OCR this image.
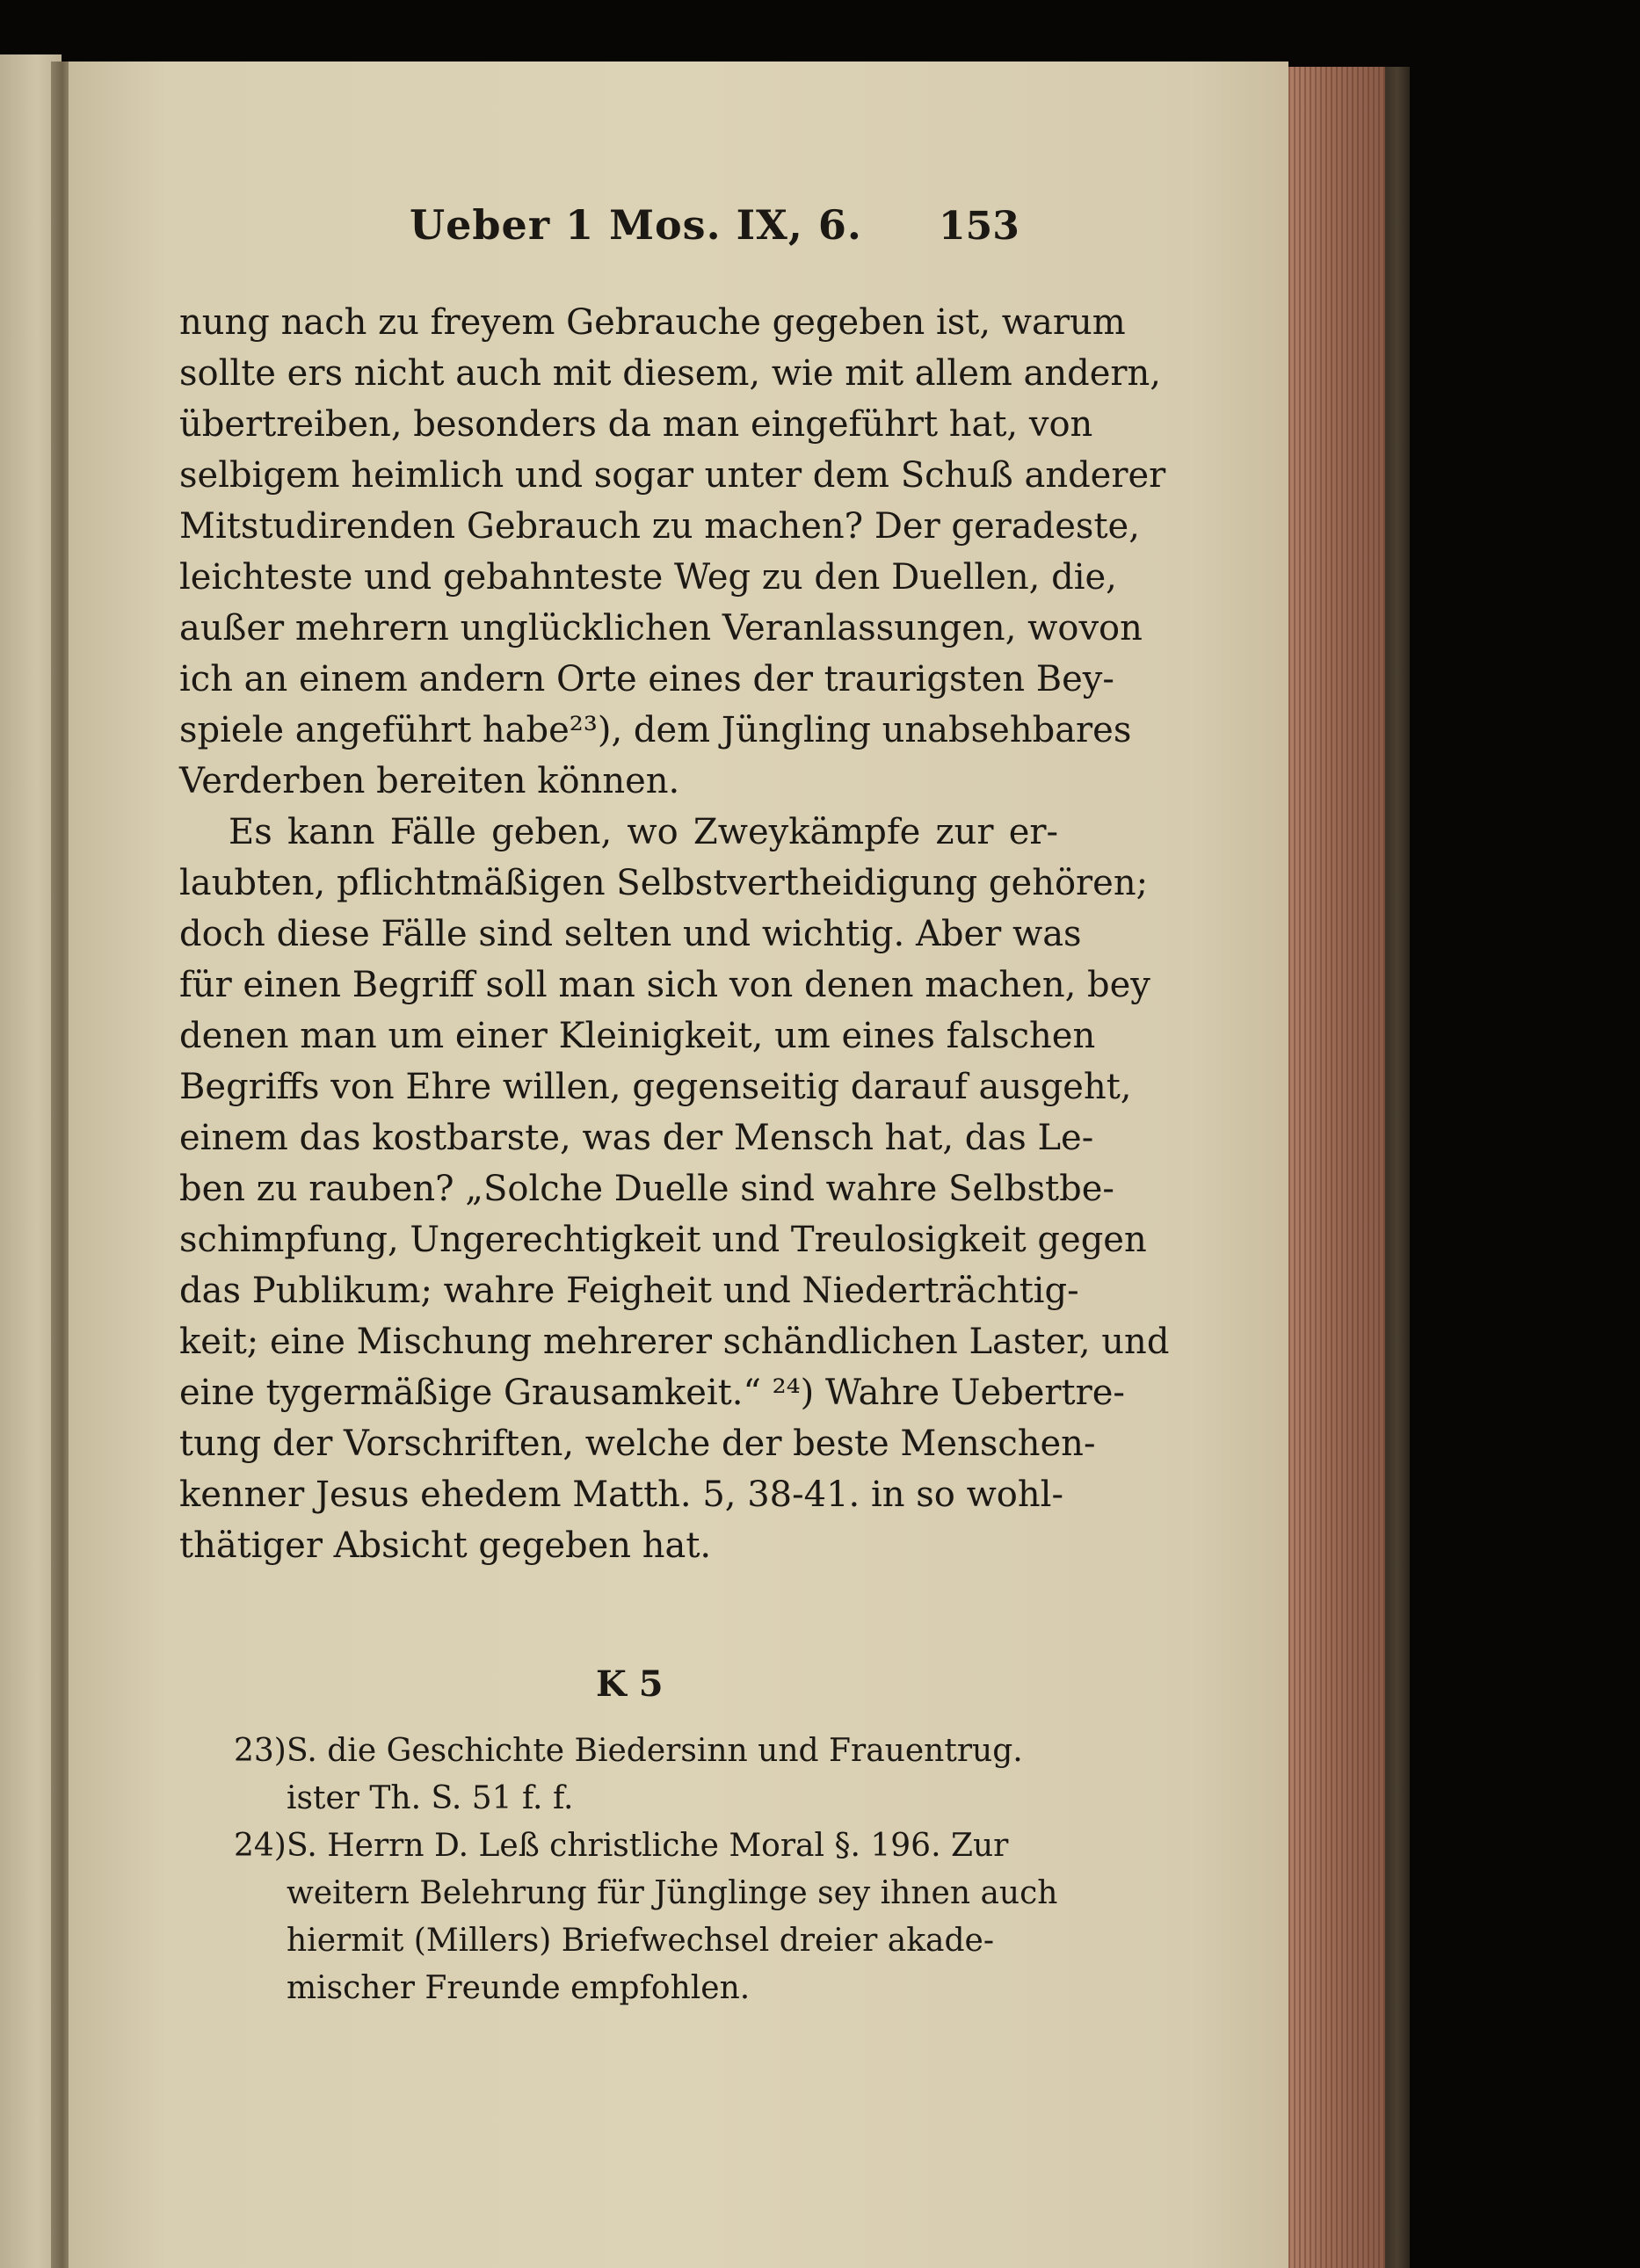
Ueber 1 Mos. IX, 6. 153
nung nach zu freyem Gebrauche gegeben ist, warum
sollte ers nicht auch mit diesem, wie mit allem andern,
übertreiben, besonders da man eingeführt hat, von
selbigem heimlich und sogar unter dem Schuß anderer
Mitstudirenden Gebrauch zu machen? Der geradeste,
leichteste und gebahnteste Weg zu den Duellen, die,
außer mehrern unglücklichen Veranlassungen, wovon
ich an einem andern Orte eines der traurigsten Bey-
spiele angeführt habe²³), dem Jüngling unabsehbares
Verderben bereiten können.
Es kann Fälle geben, wo Zweykämpfe zur er-
laubten, pflichtmäßigen Selbstvertheidigung gehören;
doch diese Fälle sind selten und wichtig. Aber was
für einen Begriff soll man sich von denen machen, bey
denen man um einer Kleinigkeit, um eines falschen
Begriffs von Ehre willen, gegenseitig darauf ausgeht,
einem das kostbarste, was der Mensch hat, das Le-
ben zu rauben? „Solche Duelle sind wahre Selbstbe-
schimpfung, Ungerechtigkeit und Treulosigkeit gegen
das Publikum; wahre Feigheit und Niederträchtig-
keit; eine Mischung mehrerer schändlichen Laster, und
eine tygermäßige Grausamkeit.“ ²⁴) Wahre Uebertre-
tung der Vorschriften, welche der beste Menschen-
kenner Jesus ehedem Matth. 5, 38-41. in so wohl-
thätiger Absicht gegeben hat.
K 5
23)S. die Geschichte Biedersinn und Frauentrug.
ister Th. S. 51 f. f.
24)S. Herrn D. Leß christliche Moral §. 196. Zur
weitern Belehrung für Jünglinge sey ihnen auch
hiermit (Millers) Briefwechsel dreier akade-
mischer Freunde empfohlen.
